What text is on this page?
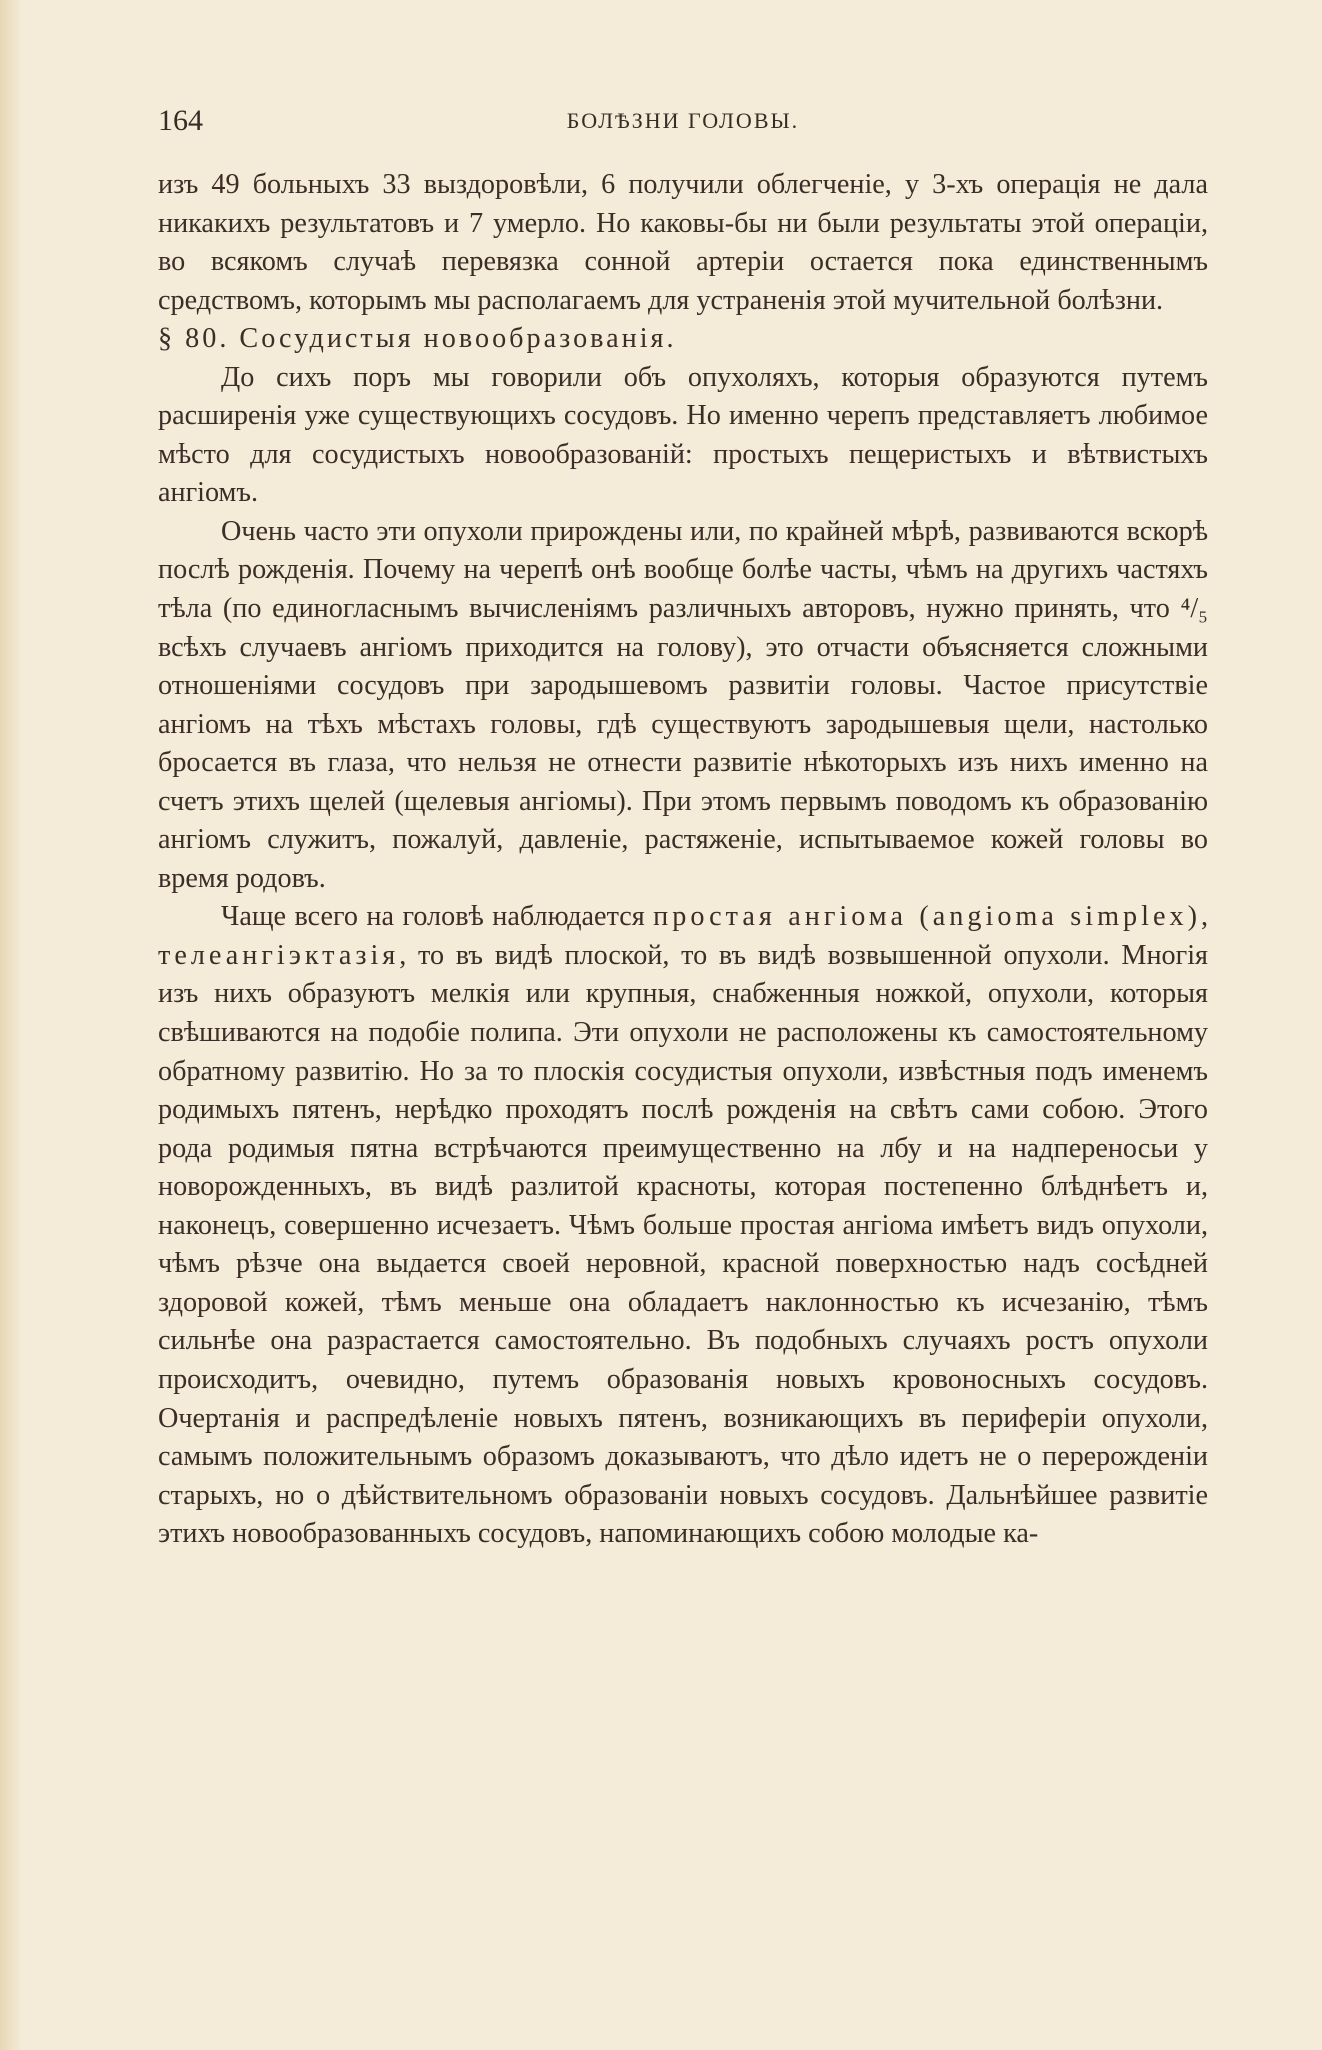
164	БОЛѢЗНИ ГОЛОВЫ.

изъ 49 больныхъ 33 выздоровѣли, 6 получили облегченіе, у 3-хъ операція не дала никакихъ результатовъ и 7 умерло. Но каковы-бы ни были результаты этой операціи, во всякомъ случаѣ перевязка сонной артеріи остается пока единственнымъ средствомъ, которымъ мы располагаемъ для устраненія этой мучительной болѣзни.

§ 80. Сосудистыя новообразованія.

До сихъ поръ мы говорили объ опухоляхъ, которыя образуются путемъ расширенія уже существующихъ сосудовъ. Но именно черепъ представляетъ любимое мѣсто для сосудистыхъ новообразованій: простыхъ пещеристыхъ и вѣтвистыхъ ангіомъ.

Очень часто эти опухоли прирождены или, по крайней мѣрѣ, развиваются вскорѣ послѣ рожденія. Почему на черепѣ онѣ вообще болѣе часты, чѣмъ на другихъ частяхъ тѣла (по единогласнымъ вычисленіямъ различныхъ авторовъ, нужно принять, что ⁴/₅ всѣхъ случаевъ ангіомъ приходится на голову), это отчасти объясняется сложными отношеніями сосудовъ при зародышевомъ развитіи головы. Частое присутствіе ангіомъ на тѣхъ мѣстахъ головы, гдѣ существуютъ зародышевыя щели, настолько бросается въ глаза, что нельзя не отнести развитіе нѣкоторыхъ изъ нихъ именно на счетъ этихъ щелей (щелевыя ангіомы). При этомъ первымъ поводомъ къ образованію ангіомъ служитъ, пожалуй, давленіе, растяженіе, испытываемое кожей головы во время родовъ.

Чаще всего на головѣ наблюдается простая ангіома (angioma simplex), телеангіэктазія, то въ видѣ плоской, то въ видѣ возвышенной опухоли. Многія изъ нихъ образуютъ мелкія или крупныя, снабженныя ножкой, опухоли, которыя свѣшиваются на подобіе полипа. Эти опухоли не расположены къ самостоятельному обратному развитію. Но за то плоскія сосудистыя опухоли, извѣстныя подъ именемъ родимыхъ пятенъ, нерѣдко проходятъ послѣ рожденія на свѣтъ сами собою. Этого рода родимыя пятна встрѣчаются преимущественно на лбу и на надпереносьи у новорожденныхъ, въ видѣ разлитой красноты, которая постепенно блѣднѣетъ и, наконецъ, совершенно исчезаетъ. Чѣмъ больше простая ангіома имѣетъ видъ опухоли, чѣмъ рѣзче она выдается своей неровной, красной поверхностью надъ сосѣдней здоровой кожей, тѣмъ меньше она обладаетъ наклонностью къ исчезанію, тѣмъ сильнѣе она разрастается самостоятельно. Въ подобныхъ случаяхъ ростъ опухоли происходитъ, очевидно, путемъ образованія новыхъ кровоносныхъ сосудовъ. Очертанія и распредѣленіе новыхъ пятенъ, возникающихъ въ периферіи опухоли, самымъ положительнымъ образомъ доказываютъ, что дѣло идетъ не о перерожденіи старыхъ, но о дѣйствительномъ образованіи новыхъ сосудовъ. Дальнѣйшее развитіе этихъ новообразованныхъ сосудовъ, напоминающихъ собою молодые ка-
